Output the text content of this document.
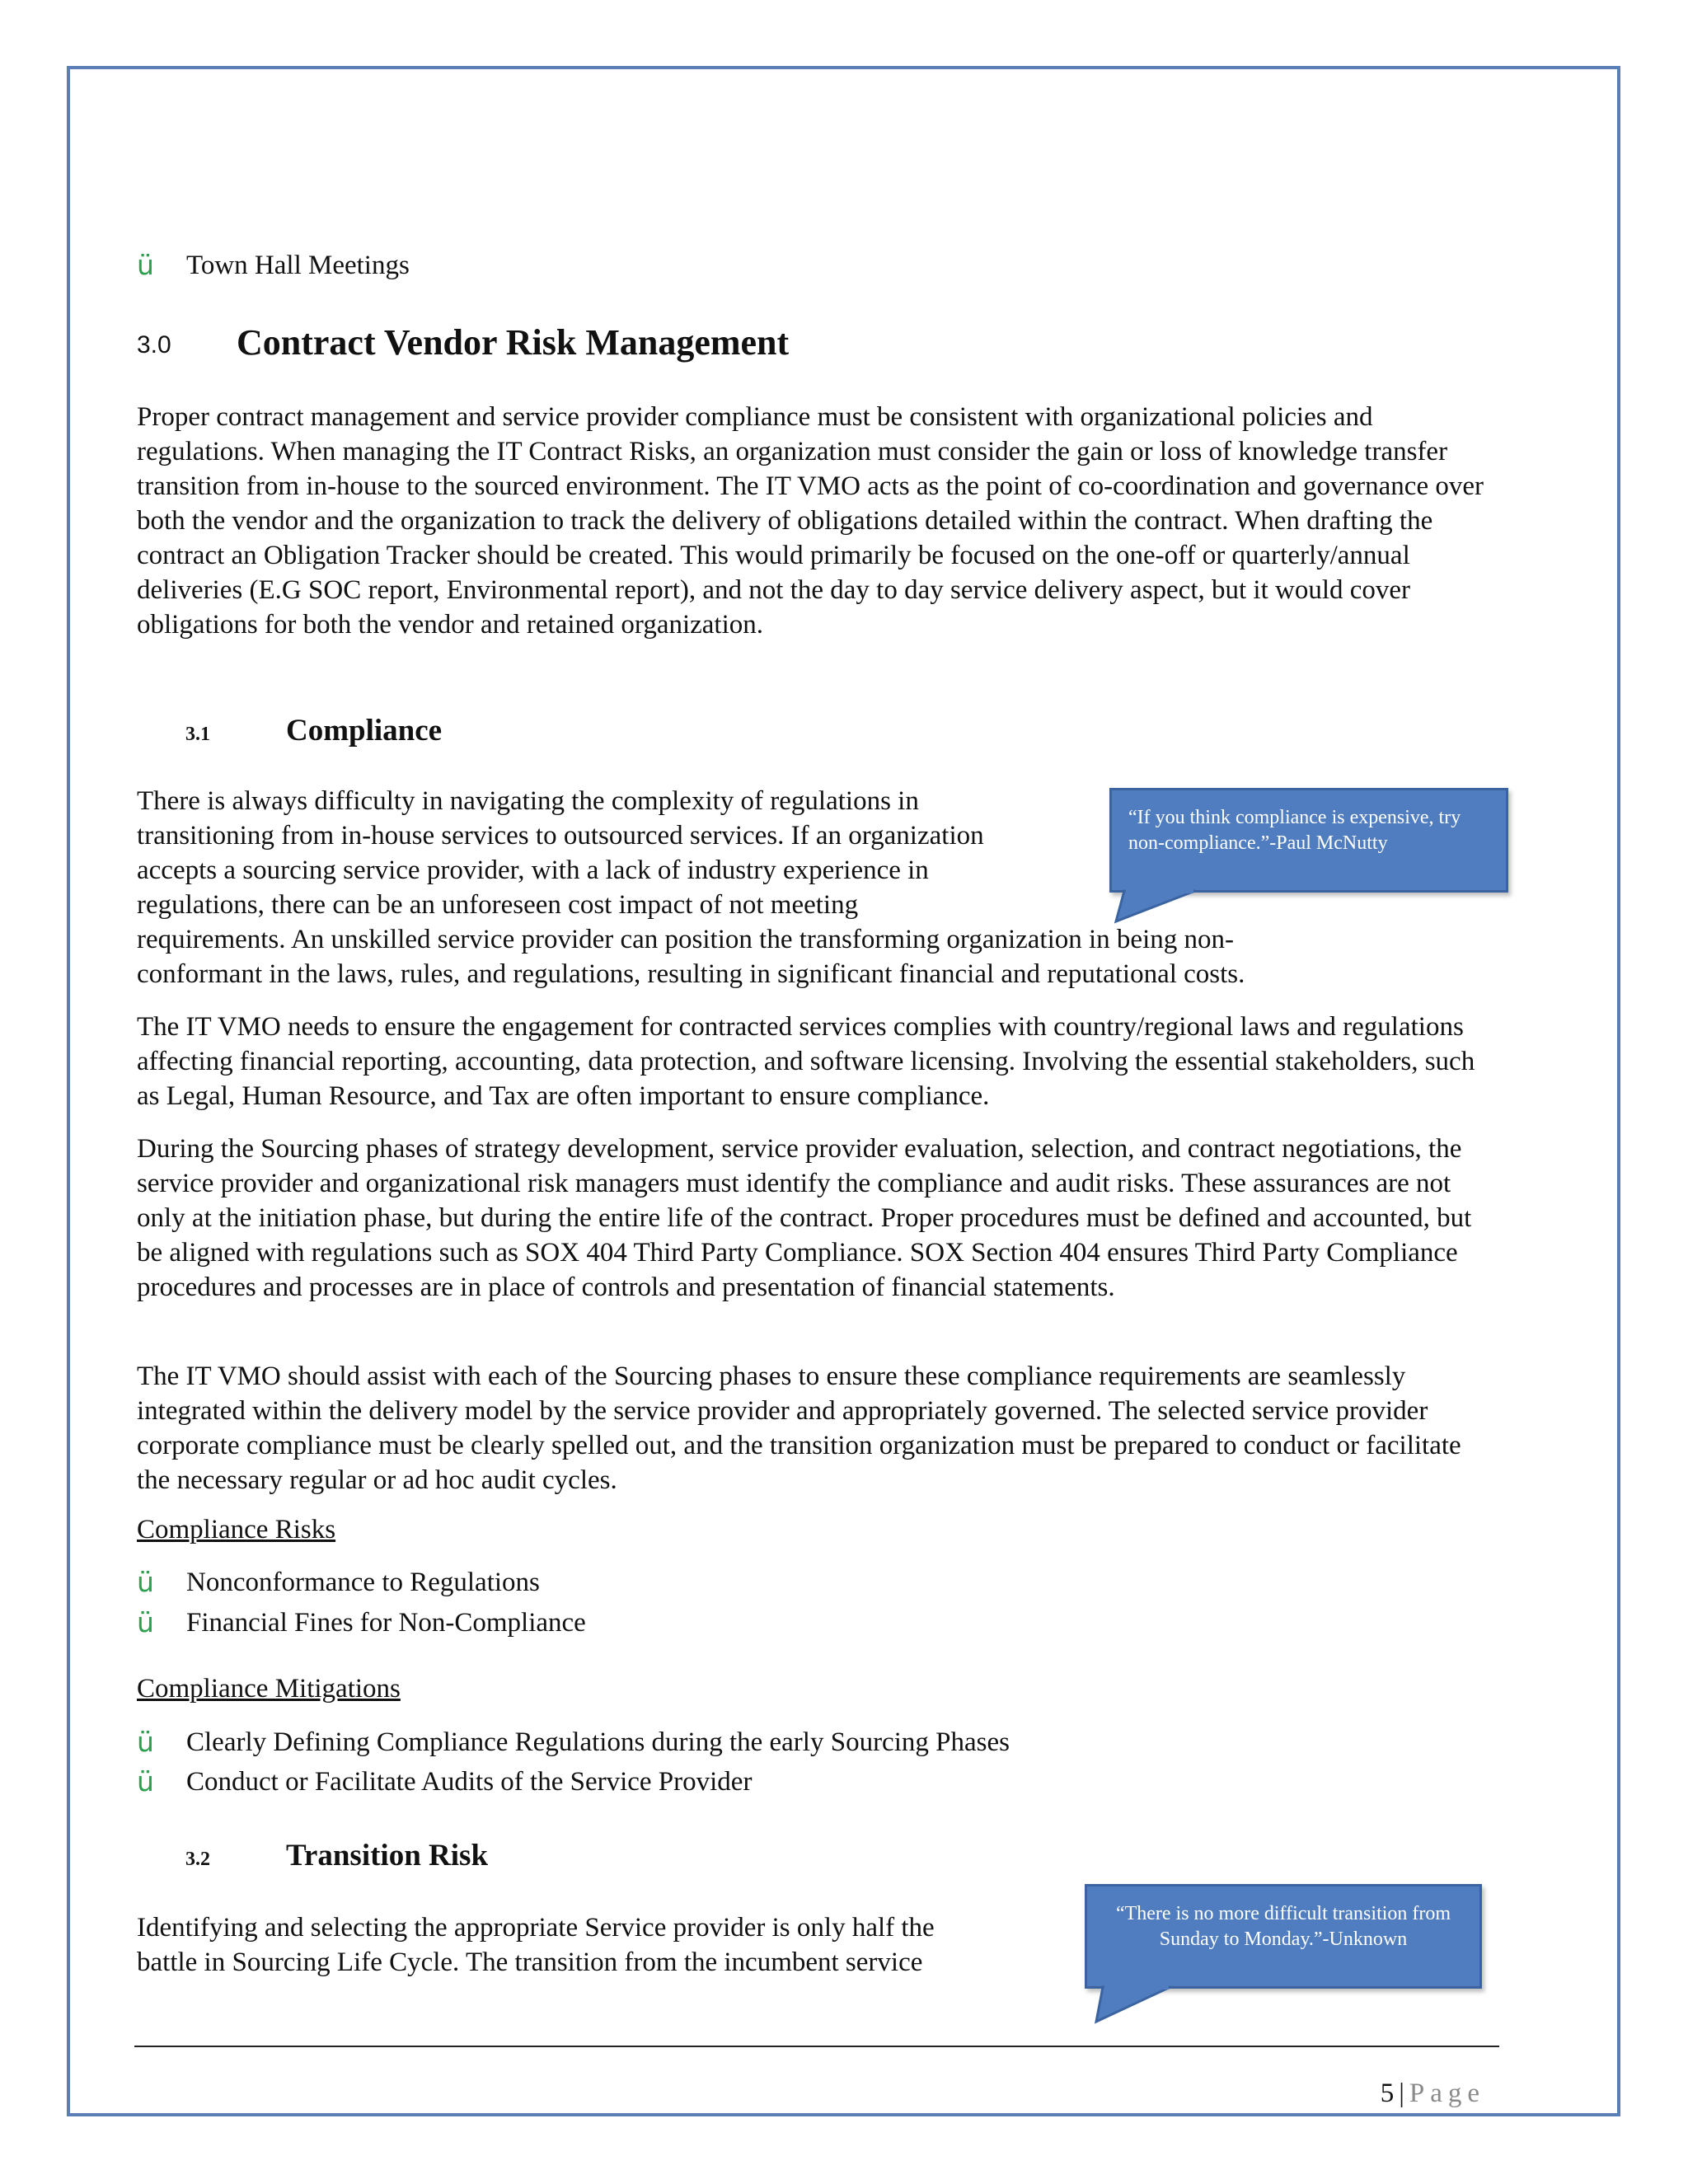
ü	Town Hall Meetings
3.0 Contract Vendor Risk Management

Proper contract management and service provider compliance must be consistent with organizational policies and regulations. When managing the IT Contract Risks, an organization must consider the gain or loss of knowledge transfer transition from in-house to the sourced environment. The IT VMO acts as the point of co-coordination and governance over both the vendor and the organization to track the delivery of obligations detailed within the contract. When drafting the contract an Obligation Tracker should be created. This would primarily be focused on the one-off or quarterly/annual deliveries (E.G SOC report, Environmental report), and not the day to day service delivery aspect, but it would cover obligations for both the vendor and retained organization.

3.1 Compliance
There is always difficulty in navigating the complexity of regulations in
transitioning from in-house services to outsourced services. If an organization
accepts a sourcing service provider, with a lack of industry experience in
regulations, there can be an unforeseen cost impact of not meeting
requirements. An unskilled service provider can position the transforming organization in being non-
conformant in the laws, rules, and regulations, resulting in significant financial and reputational costs.
“If you think compliance is expensive, try non-compliance.”-Paul McNutty

The IT VMO needs to ensure the engagement for contracted services complies with country/regional laws and regulations affecting financial reporting, accounting, data protection, and software licensing. Involving the essential stakeholders, such as Legal, Human Resource, and Tax are often important to ensure compliance.

During the Sourcing phases of strategy development, service provider evaluation, selection, and contract negotiations, the service provider and organizational risk managers must identify the compliance and audit risks. These assurances are not only at the initiation phase, but during the entire life of the contract. Proper procedures must be defined and accounted, but be aligned with regulations such as SOX 404 Third Party Compliance. SOX Section 404 ensures Third Party Compliance procedures and processes are in place of controls and presentation of financial statements.

The IT VMO should assist with each of the Sourcing phases to ensure these compliance requirements are seamlessly integrated within the delivery model by the service provider and appropriately governed. The selected service provider corporate compliance must be clearly spelled out, and the transition organization must be prepared to conduct or facilitate the necessary regular or ad hoc audit cycles.

Compliance Risks
ü	Nonconformance to Regulations
ü	Financial Fines for Non-Compliance
Compliance Mitigations
ü	Clearly Defining Compliance Regulations during the early Sourcing Phases
ü	Conduct or Facilitate Audits of the Service Provider
3.2 Transition Risk
Identifying and selecting the appropriate Service provider is only half the
battle in Sourcing Life Cycle. The transition from the incumbent service
“There is no more difficult transition from Sunday to Monday.”-Unknown
5 | Page
